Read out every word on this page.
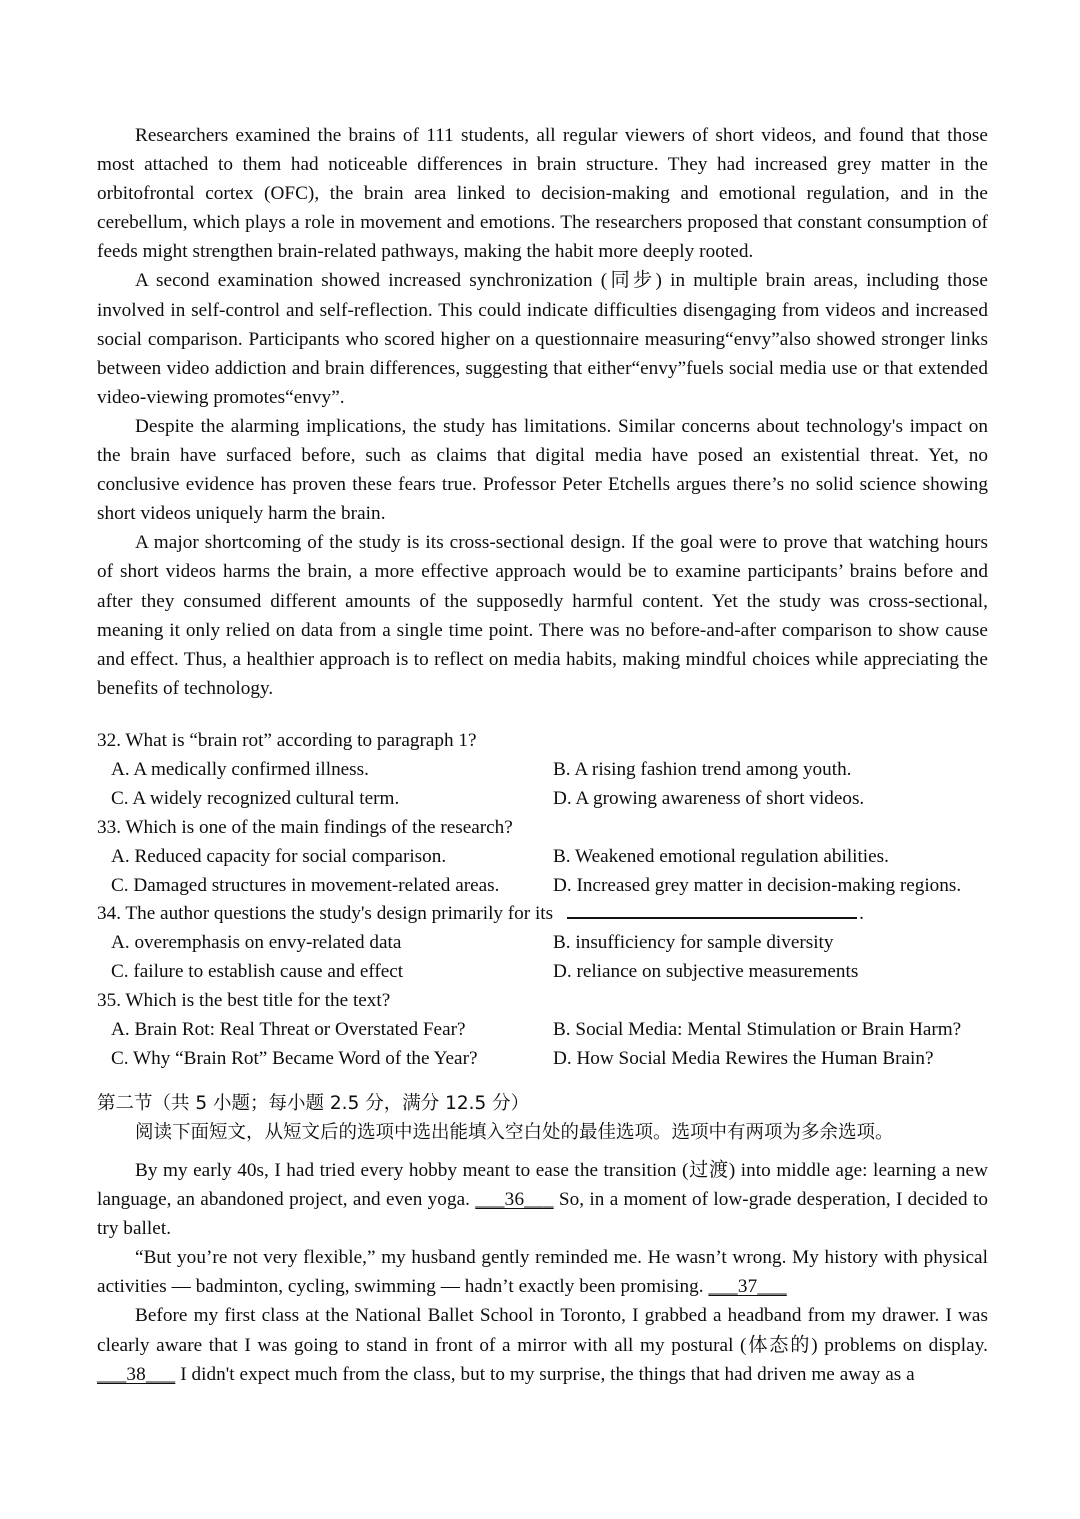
Researchers examined the brains of 111 students, all regular viewers of short videos, and found that those most attached to them had noticeable differences in brain structure. They had increased grey matter in the orbitofrontal cortex (OFC), the brain area linked to decision-making and emotional regulation, and in the cerebellum, which plays a role in movement and emotions. The researchers proposed that constant consumption of feeds might strengthen brain-related pathways, making the habit more deeply rooted.

A second examination showed increased synchronization (同步) in multiple brain areas, including those involved in self-control and self-reflection. This could indicate difficulties disengaging from videos and increased social comparison. Participants who scored higher on a questionnaire measuring“envy”also showed stronger links between video addiction and brain differences, suggesting that either“envy”fuels social media use or that extended video-viewing promotes“envy”.

Despite the alarming implications, the study has limitations. Similar concerns about technology's impact on the brain have surfaced before, such as claims that digital media have posed an existential threat. Yet, no conclusive evidence has proven these fears true. Professor Peter Etchells argues there’s no solid science showing short videos uniquely harm the brain.

A major shortcoming of the study is its cross-sectional design. If the goal were to prove that watching hours of short videos harms the brain, a more effective approach would be to examine participants’ brains before and after they consumed different amounts of the supposedly harmful content. Yet the study was cross-sectional, meaning it only relied on data from a single time point. There was no before-and-after comparison to show cause and effect. Thus, a healthier approach is to reflect on media habits, making mindful choices while appreciating the benefits of technology.

32. What is “brain rot” according to paragraph 1?

A. A medically confirmed illness.	B. A rising fashion trend among youth.
C. A widely recognized cultural term.	D. A growing awareness of short videos.

33. Which is one of the main findings of the research?

A. Reduced capacity for social comparison.	B. Weakened emotional regulation abilities.
C. Damaged structures in movement-related areas.	D. Increased grey matter in decision-making regions.

34. The author questions the study's design primarily for its	.

A. overemphasis on envy-related data	B. insufficiency for sample diversity
C. failure to establish cause and effect	D. reliance on subjective measurements

35. Which is the best title for the text?

A. Brain Rot: Real Threat or Overstated Fear?	B. Social Media: Mental Stimulation or Brain Harm?
C. Why “Brain Rot” Became Word of the Year?	D. How Social Media Rewires the Human Brain?

第二节（共 5 小题；每小题 2.5 分，满分 12.5 分）

阅读下面短文，从短文后的选项中选出能填入空白处的最佳选项。选项中有两项为多余选项。

By my early 40s, I had tried every hobby meant to ease the transition (过渡) into middle age: learning a new language, an abandoned project, and even yoga. ___36___ So, in a moment of low-grade desperation, I decided to try ballet.

“But you’re not very flexible,” my husband gently reminded me. He wasn’t wrong. My history with physical activities — badminton, cycling, swimming — hadn’t exactly been promising. ___37___

Before my first class at the National Ballet School in Toronto, I grabbed a headband from my drawer. I was clearly aware that I was going to stand in front of a mirror with all my postural (体态的) problems on display. ___38___ I didn't expect much from the class, but to my surprise, the things that had driven me away as a
